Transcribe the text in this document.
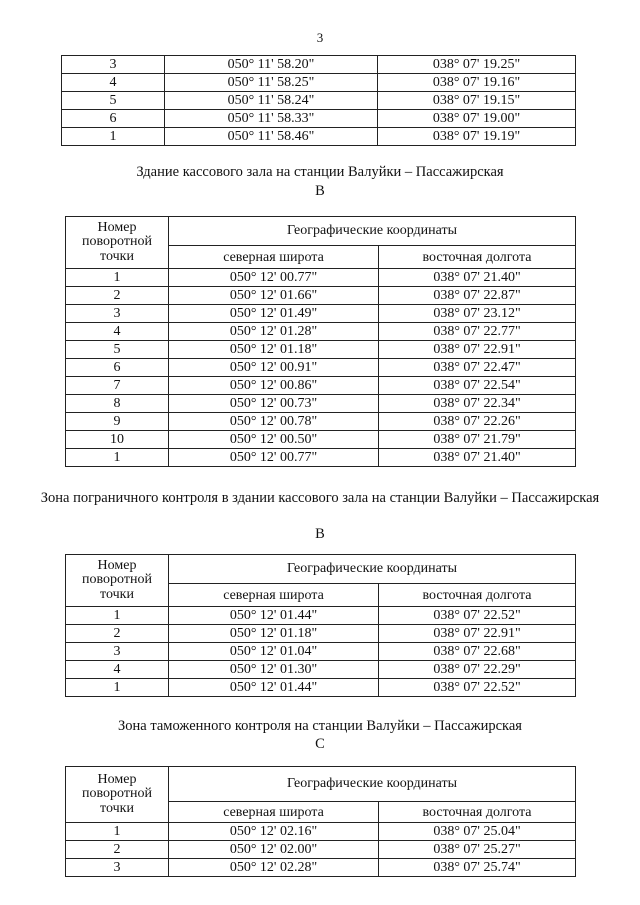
3
3	050° 11' 58.20"	038° 07' 19.25"
4	050° 11' 58.25"	038° 07' 19.16"
5	050° 11' 58.24"	038° 07' 19.15"
6	050° 11' 58.33"	038° 07' 19.00"
1	050° 11' 58.46"	038° 07' 19.19"
Здание кассового зала на станции Валуйки – Пассажирская
В
Номер поворотной точки	Географические координаты	
	северная широта	восточная долгота
1	050° 12' 00.77"	038° 07' 21.40"
2	050° 12' 01.66"	038° 07' 22.87"
3	050° 12' 01.49"	038° 07' 23.12"
4	050° 12' 01.28"	038° 07' 22.77"
5	050° 12' 01.18"	038° 07' 22.91"
6	050° 12' 00.91"	038° 07' 22.47"
7	050° 12' 00.86"	038° 07' 22.54"
8	050° 12' 00.73"	038° 07' 22.34"
9	050° 12' 00.78"	038° 07' 22.26"
10	050° 12' 00.50"	038° 07' 21.79"
1	050° 12' 00.77"	038° 07' 21.40"
Зона пограничного контроля в здании кассового зала на станции Валуйки – Пассажирская
В
Номер поворотной точки	Географические координаты	
	северная широта	восточная долгота
1	050° 12' 01.44"	038° 07' 22.52"
2	050° 12' 01.18"	038° 07' 22.91"
3	050° 12' 01.04"	038° 07' 22.68"
4	050° 12' 01.30"	038° 07' 22.29"
1	050° 12' 01.44"	038° 07' 22.52"
Зона таможенного контроля на станции Валуйки – Пассажирская
С
Номер поворотной точки	Географические координаты	
	северная широта	восточная долгота
1	050° 12' 02.16"	038° 07' 25.04"
2	050° 12' 02.00"	038° 07' 25.27"
3	050° 12' 02.28"	038° 07' 25.74"
